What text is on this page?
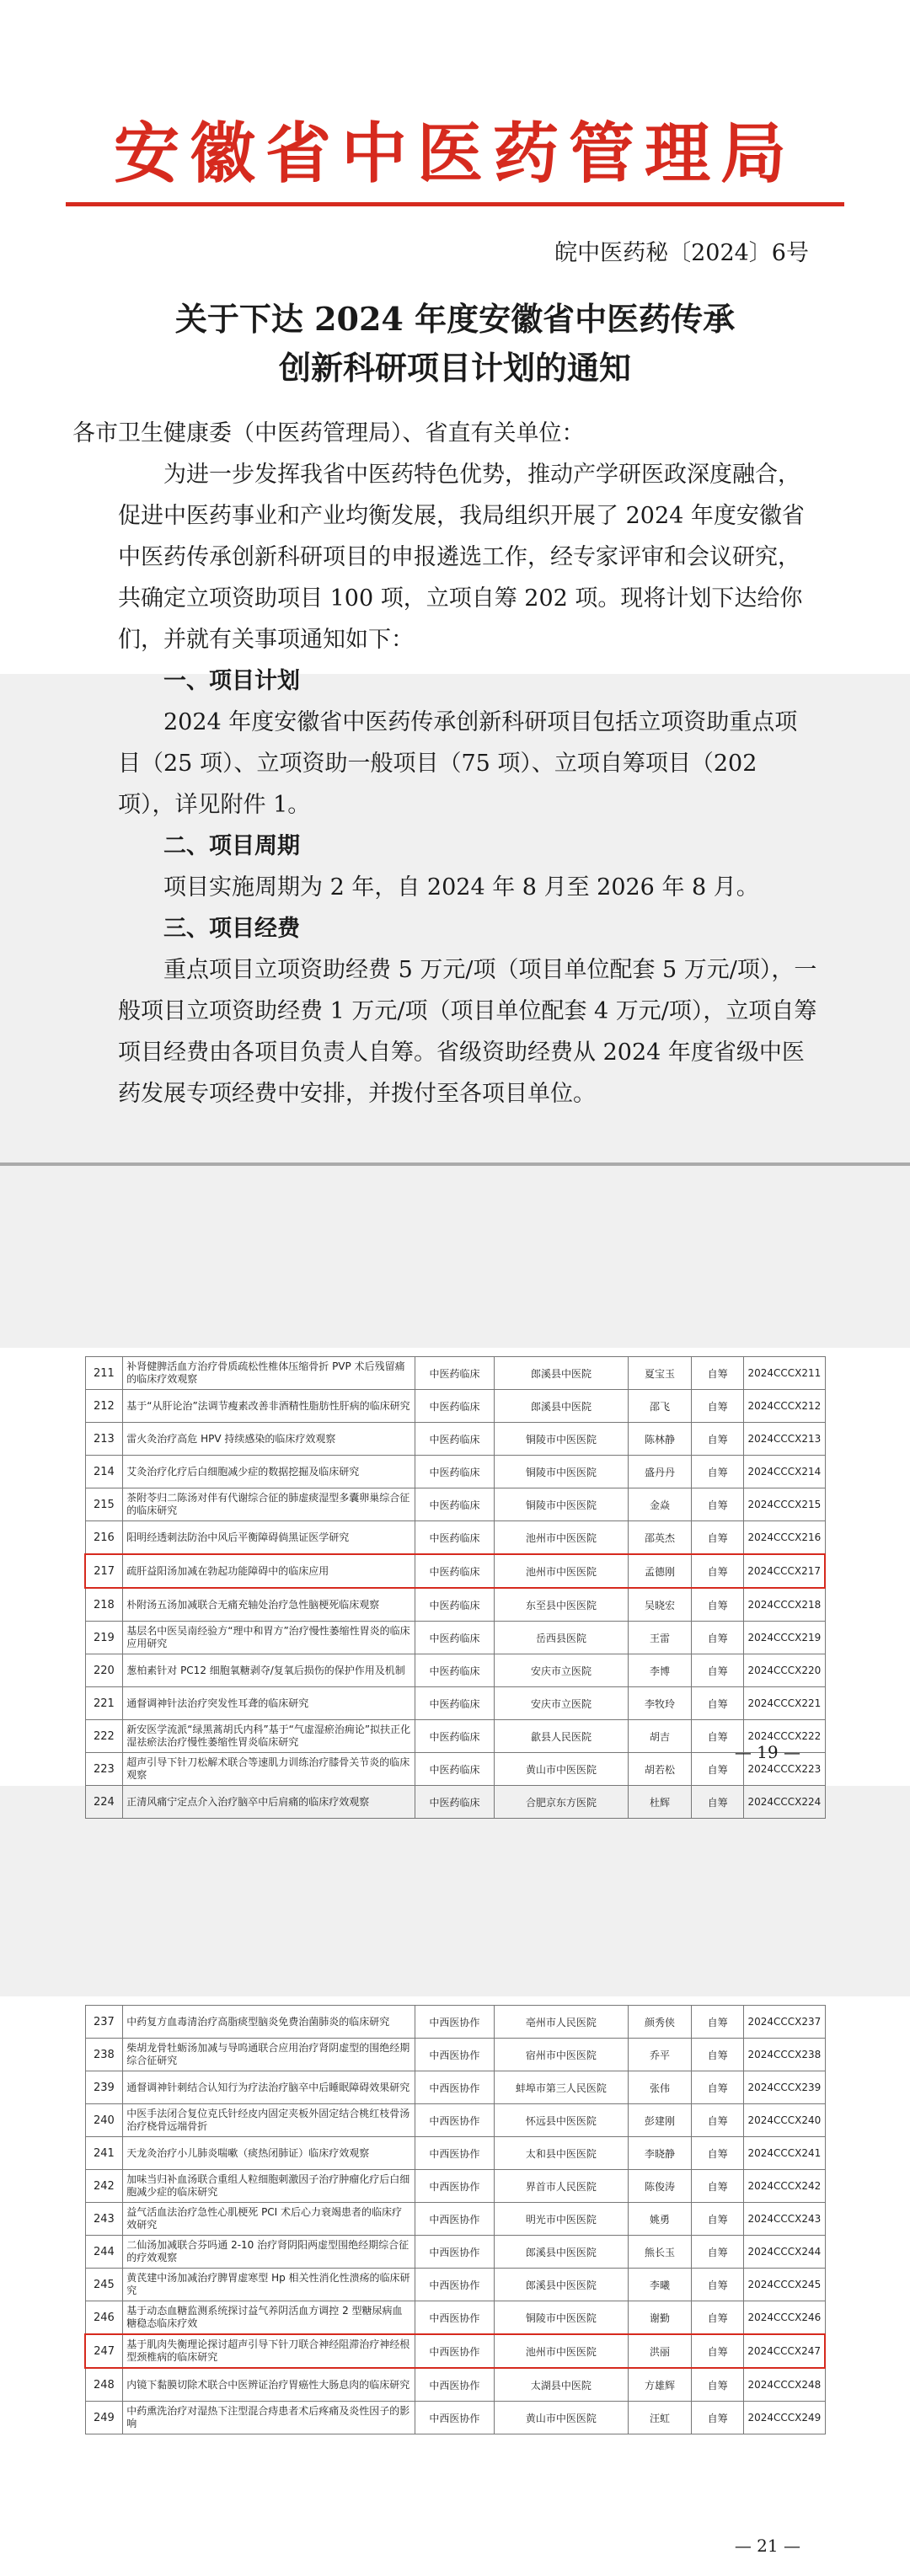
安徽省中医药管理局
皖中医药秘〔2024〕6号
关于下达 2024 年度安徽省中医药传承
创新科研项目计划的通知

各市卫生健康委（中医药管理局）、省直有关单位：

为进一步发挥我省中医药特色优势，推动产学研医政深度融合，促进中医药事业和产业均衡发展，我局组织开展了 2024 年度安徽省中医药传承创新科研项目的申报遴选工作，经专家评审和会议研究，共确定立项资助项目 100 项，立项自筹 202 项。现将计划下达给你们，并就有关事项通知如下：

一、项目计划

2024 年度安徽省中医药传承创新科研项目包括立项资助重点项目（25 项）、立项资助一般项目（75 项）、立项自筹项目（202 项），详见附件 1。

二、项目周期

项目实施周期为 2 年，自 2024 年 8 月至 2026 年 8 月。

三、项目经费

重点项目立项资助经费 5 万元/项（项目单位配套 5 万元/项），一般项目立项资助经费 1 万元/项（项目单位配套 4 万元/项），立项自筹项目经费由各项目负责人自筹。省级资助经费从 2024 年度省级中医药发展专项经费中安排，并拨付至各项目单位。

211	补肾健脾活血方治疗骨质疏松性椎体压缩骨折 PVP 术后残留痛的临床疗效观察	中医药临床	郎溪县中医院	夏宝玉	自筹	2024CCCX211
212	基于“从肝论治”法调节瘦素改善非酒精性脂肪性肝病的临床研究	中医药临床	郎溪县中医院	邵飞	自筹	2024CCCX212
213	雷火灸治疗高危 HPV 持续感染的临床疗效观察	中医药临床	铜陵市中医医院	陈林静	自筹	2024CCCX213
214	艾灸治疗化疗后白细胞减少症的数据挖掘及临床研究	中医药临床	铜陵市中医医院	盛丹丹	自筹	2024CCCX214
215	茶附苓归二陈汤对伴有代谢综合征的肺虚痰湿型多囊卵巢综合征的临床研究	中医药临床	铜陵市中医医院	金焱	自筹	2024CCCX215
216	阳明经透刺法防治中风后平衡障碍倘黑证医学研究	中医药临床	池州市中医医院	邵英杰	自筹	2024CCCX216
217	疏肝益阳汤加减在勃起功能障碍中的临床应用	中医药临床	池州市中医医院	孟德刚	自筹	2024CCCX217
218	朴附汤五汤加减联合无痛充轴处治疗急性脑梗死临床观察	中医药临床	东至县中医医院	吴晓宏	自筹	2024CCCX218
219	基层名中医吴南经验方“理中和胃方”治疗慢性萎缩性胃炎的临床应用研究	中医药临床	岳西县医院	王雷	自筹	2024CCCX219
220	葱柏素针对 PC12 细胞氧糖剥夺/复氧后损伤的保护作用及机制	中医药临床	安庆市立医院	李博	自筹	2024CCCX220
221	通督调神针法治疗突发性耳聋的临床研究	中医药临床	安庆市立医院	李牧玲	自筹	2024CCCX221
222	新安医学流派“绿黑蒿胡氏内科”基于“气虚湿瘀治痈论”拟扶正化湿祛瘀法治疗慢性萎缩性胃炎临床研究	中医药临床	歙县人民医院	胡吉	自筹	2024CCCX222
223	超声引导下针刀松解术联合等速肌力训练治疗膝骨关节炎的临床观察	中医药临床	黄山市中医医院	胡若松	自筹	2024CCCX223
224	正清风痛宁定点介入治疗脑卒中后肩痛的临床疗效观察	中医药临床	合肥京东方医院	杜辉	自筹	2024CCCX224
— 19 —
237	中药复方血毒清治疗高脂痰型脑炎免费治菌肺炎的临床研究	中西医协作	亳州市人民医院	颜秀侠	自筹	2024CCCX237
238	柴胡龙骨牡蛎汤加减与导呜通联合应用治疗肾阴虚型的围绝经期综合征研究	中西医协作	宿州市中医医院	乔平	自筹	2024CCCX238
239	通督调神针刺结合认知行为疗法治疗脑卒中后睡眠障碍效果研究	中西医协作	蚌埠市第三人民医院	张伟	自筹	2024CCCX239
240	中医手法闭合复位克氏针经皮内固定夹板外固定结合桃红枝骨汤治疗桡骨远端骨折	中西医协作	怀远县中医医院	彭建刚	自筹	2024CCCX240
241	天龙灸治疗小儿肺炎喘嗽（痰热闭肺证）临床疗效观察	中西医协作	太和县中医医院	李晓静	自筹	2024CCCX241
242	加味当归补血汤联合重组人粒细胞刺激因子治疗肿瘤化疗后白细胞减少症的临床研究	中西医协作	界首市人民医院	陈俊涛	自筹	2024CCCX242
243	益气活血法治疗急性心肌梗死 PCI 术后心力衰竭患者的临床疗效研究	中西医协作	明光市中医医院	姚勇	自筹	2024CCCX243
244	二仙汤加减联合芬吗通 2-10 治疗肾阴阳两虚型围绝经期综合征的疗效观察	中西医协作	郎溪县中医医院	熊长玉	自筹	2024CCCX244
245	黄芪建中汤加减治疗脾胃虚寒型 Hp 相关性消化性溃疡的临床研究	中西医协作	郎溪县中医医院	李曦	自筹	2024CCCX245
246	基于动态血糖监测系统探讨益气养阴活血方调控 2 型糖尿病血糖稳态临床疗效	中西医协作	铜陵市中医医院	谢勤	自筹	2024CCCX246
247	基于肌肉失衡理论探讨超声引导下针刀联合神经阻滞治疗神经根型颈椎病的临床研究	中西医协作	池州市中医医院	洪丽	自筹	2024CCCX247
248	内镜下黏膜切除术联合中医辨证治疗胃癌性大肠息肉的临床研究	中西医协作	太湖县中医院	方雄辉	自筹	2024CCCX248
249	中药熏洗治疗对湿热下注型混合痔患者术后疼痛及炎性因子的影响	中西医协作	黄山市中医医院	汪虹	自筹	2024CCCX249
— 21 —
